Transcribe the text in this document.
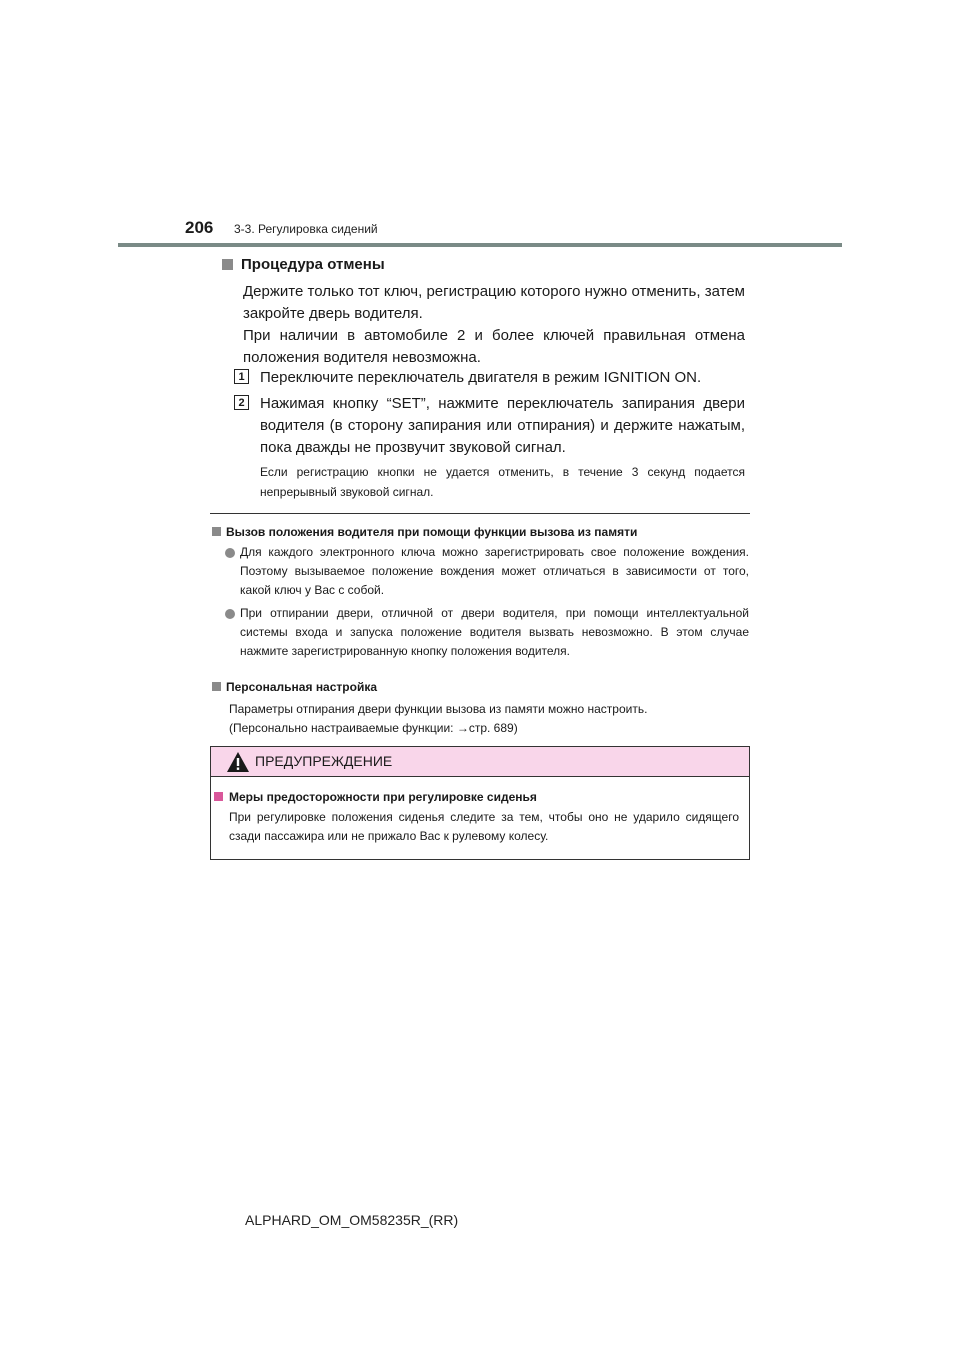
206 3-3. Регулировка сидений
Процедура отмены
Держите только тот ключ, регистрацию которого нужно отменить, затем закройте дверь водителя.
При наличии в автомобиле 2 и более ключей правильная отмена положения водителя невозможна.
1 Переключите переключатель двигателя в режим IGNITION ON.
2 Нажимая кнопку “SET”, нажмите переключатель запирания двери водителя (в сторону запирания или отпирания) и держите нажатым, пока дважды не прозвучит звуковой сигнал.
Если регистрацию кнопки не удается отменить, в течение 3 секунд подается непрерывный звуковой сигнал.
Вызов положения водителя при помощи функции вызова из памяти
Для каждого электронного ключа можно зарегистрировать свое положение вождения. Поэтому вызываемое положение вождения может отличаться в зависимости от того, какой ключ у Вас с собой.
При отпирании двери, отличной от двери водителя, при помощи интеллектуальной системы входа и запуска положение водителя вызвать невозможно. В этом случае нажмите зарегистрированную кнопку положения водителя.
Персональная настройка
Параметры отпирания двери функции вызова из памяти можно настроить.
(Персонально настраиваемые функции: →стр. 689)
ПРЕДУПРЕЖДЕНИЕ
Меры предосторожности при регулировке сиденья
При регулировке положения сиденья следите за тем, чтобы оно не ударило сидящего сзади пассажира или не прижало Вас к рулевому колесу.
ALPHARD_OM_OM58235R_(RR)
